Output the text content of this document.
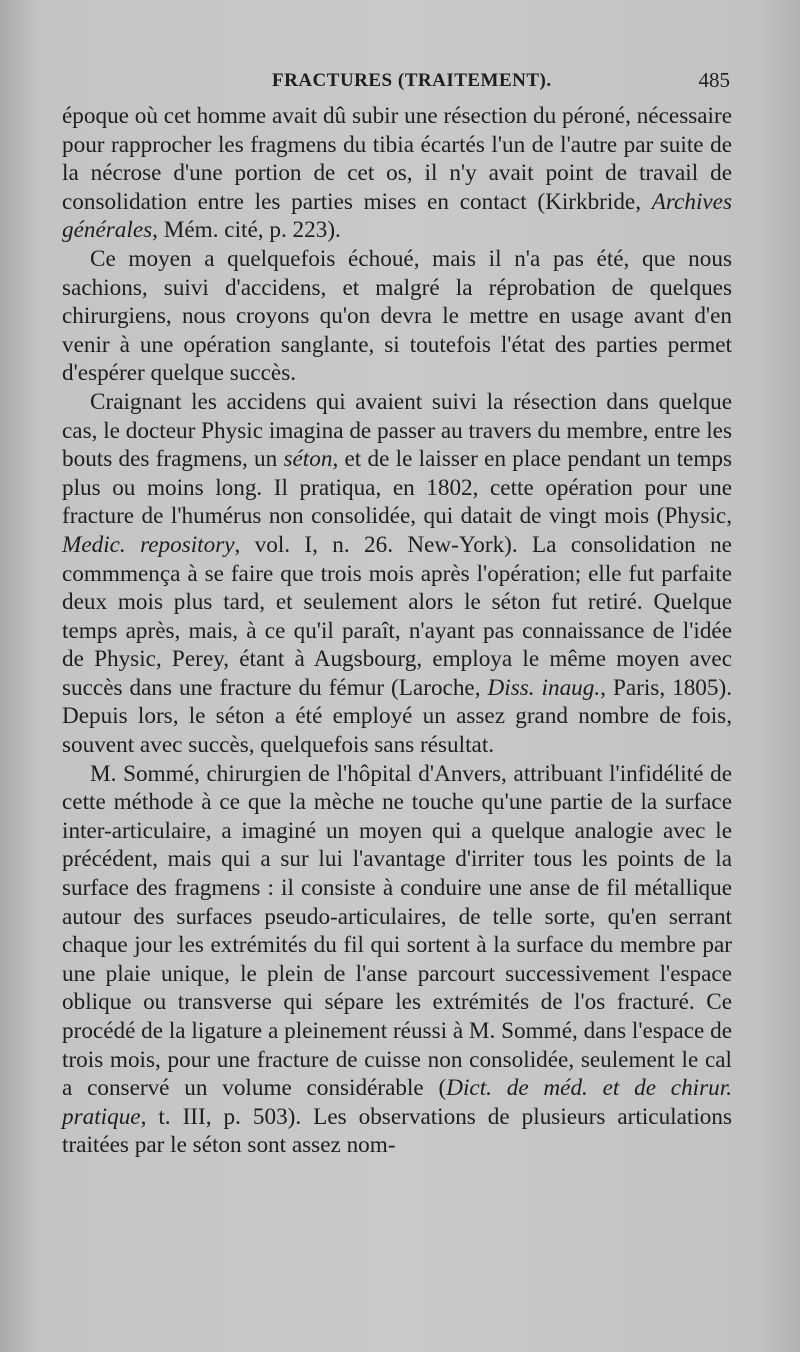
FRACTURES (TRAITEMENT).	485

époque où cet homme avait dû subir une résection du péroné, nécessaire pour rapprocher les fragmens du tibia écartés l'un de l'autre par suite de la nécrose d'une portion de cet os, il n'y avait point de travail de consolidation entre les parties mises en contact (Kirkbride, Archives générales, Mém. cité, p. 223).

Ce moyen a quelquefois échoué, mais il n'a pas été, que nous sachions, suivi d'accidens, et malgré la réprobation de quelques chirurgiens, nous croyons qu'on devra le mettre en usage avant d'en venir à une opération sanglante, si toutefois l'état des parties permet d'espérer quelque succès.

Craignant les accidens qui avaient suivi la résection dans quelque cas, le docteur Physic imagina de passer au travers du membre, entre les bouts des fragmens, un séton, et de le laisser en place pendant un temps plus ou moins long. Il pratiqua, en 1802, cette opération pour une fracture de l'humérus non consolidée, qui datait de vingt mois (Physic, Medic. repository, vol. I, n. 26. New-York). La consolidation ne commmença à se faire que trois mois après l'opération; elle fut parfaite deux mois plus tard, et seulement alors le séton fut retiré. Quelque temps après, mais, à ce qu'il paraît, n'ayant pas connaissance de l'idée de Physic, Perey, étant à Augsbourg, employa le même moyen avec succès dans une fracture du fémur (Laroche, Diss. inaug., Paris, 1805). Depuis lors, le séton a été employé un assez grand nombre de fois, souvent avec succès, quelquefois sans résultat.

M. Sommé, chirurgien de l'hôpital d'Anvers, attribuant l'infidélité de cette méthode à ce que la mèche ne touche qu'une partie de la surface inter-articulaire, a imaginé un moyen qui a quelque analogie avec le précédent, mais qui a sur lui l'avantage d'irriter tous les points de la surface des fragmens : il consiste à conduire une anse de fil métallique autour des surfaces pseudo-articulaires, de telle sorte, qu'en serrant chaque jour les extrémités du fil qui sortent à la surface du membre par une plaie unique, le plein de l'anse parcourt successivement l'espace oblique ou transverse qui sépare les extrémités de l'os fracturé. Ce procédé de la ligature a pleinement réussi à M. Sommé, dans l'espace de trois mois, pour une fracture de cuisse non consolidée, seulement le cal a conservé un volume considérable (Dict. de méd. et de chirur. pratique, t. III, p. 503). Les observations de plusieurs articulations traitées par le séton sont assez nom-
